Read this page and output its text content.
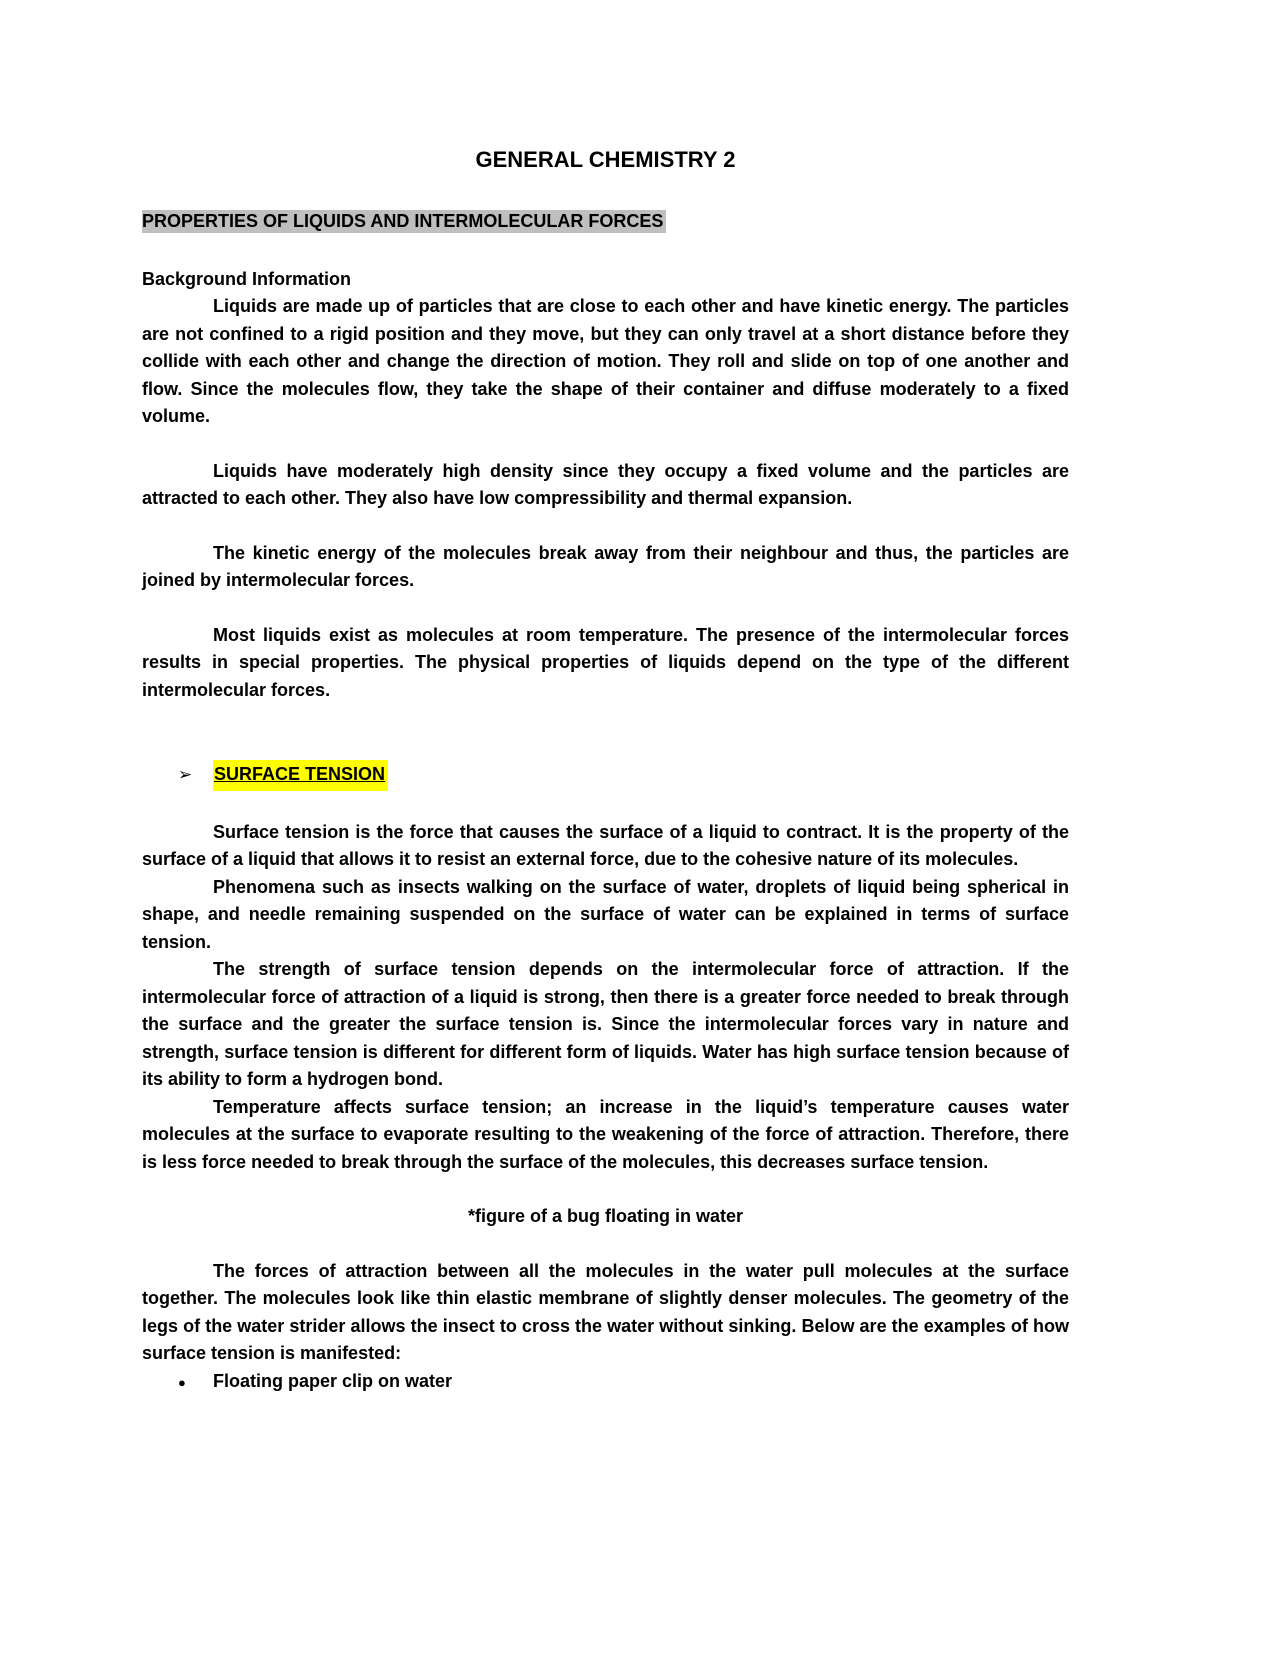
GENERAL CHEMISTRY 2
PROPERTIES OF LIQUIDS AND INTERMOLECULAR FORCES

Background Information

Liquids are made up of particles that are close to each other and have kinetic energy. The particles are not confined to a rigid position and they move, but they can only travel at a short distance before they collide with each other and change the direction of motion. They roll and slide on top of one another and flow. Since the molecules flow, they take the shape of their container and diffuse moderately to a fixed volume.

Liquids have moderately high density since they occupy a fixed volume and the particles are attracted to each other. They also have low compressibility and thermal expansion.

The kinetic energy of the molecules break away from their neighbour and thus, the particles are joined by intermolecular forces.

Most liquids exist as molecules at room temperature. The presence of the intermolecular forces results in special properties. The physical properties of liquids depend on the type of the different intermolecular forces.

➢	SURFACE TENSION

Surface tension is the force that causes the surface of a liquid to contract. It is the property of the surface of a liquid that allows it to resist an external force, due to the cohesive nature of its molecules.

Phenomena such as insects walking on the surface of water, droplets of liquid being spherical in shape, and needle remaining suspended on the surface of water can be explained in terms of surface tension.

The strength of surface tension depends on the intermolecular force of attraction. If the intermolecular force of attraction of a liquid is strong, then there is a greater force needed to break through the surface and the greater the surface tension is. Since the intermolecular forces vary in nature and strength, surface tension is different for different form of liquids. Water has high surface tension because of its ability to form a hydrogen bond.

Temperature affects surface tension; an increase in the liquid’s temperature causes water molecules at the surface to evaporate resulting to the weakening of the force of attraction. Therefore, there is less force needed to break through the surface of the molecules, this decreases surface tension.

*figure of a bug floating in water

The forces of attraction between all the molecules in the water pull molecules at the surface together. The molecules look like thin elastic membrane of slightly denser molecules. The geometry of the legs of the water strider allows the insect to cross the water without sinking. Below are the examples of how surface tension is manifested:

●	Floating paper clip on water
